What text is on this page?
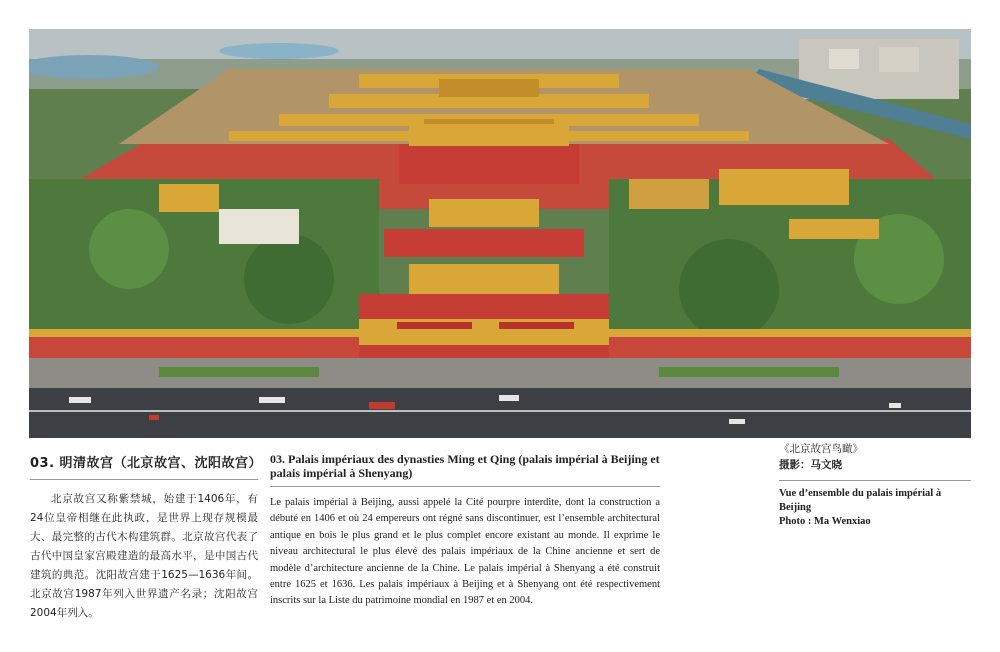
03. 明清故宫（北京故宫、沈阳故宫）

北京故宫又称紫禁城，始建于1406年，有24位皇帝相继在此执政，是世界上现存规模最大、最完整的古代木构建筑群。北京故宫代表了古代中国皇家宫殿建造的最高水平，是中国古代建筑的典范。沈阳故宫建于1625—1636年间。北京故宫1987年列入世界遗产名录；沈阳故宫2004年列入。

03. Palais impériaux des dynasties Ming et Qing (palais impérial à Beijing et palais impérial à Shenyang)

Le palais impérial à Beijing, aussi appelé la Cité pourpre interdite, dont la construction a débuté en 1406 et où 24 empereurs ont régné sans discontinuer, est l’ensemble architectural antique en bois le plus grand et le plus complet encore existant au monde. Il exprime le niveau architectural le plus élevé des palais impériaux de la Chine ancienne et sert de modèle d’architecture ancienne de la Chine. Le palais impérial à Shenyang a été construit entre 1625 et 1636. Les palais impériaux à Beijing et à Shenyang ont été respectivement inscrits sur la Liste du patrimoine mondial en 1987 et en 2004.

《北京故宫鸟瞰》
摄影：马文晓
Vue d’ensemble du palais impérial à Beijing
Photo : Ma Wenxiao
